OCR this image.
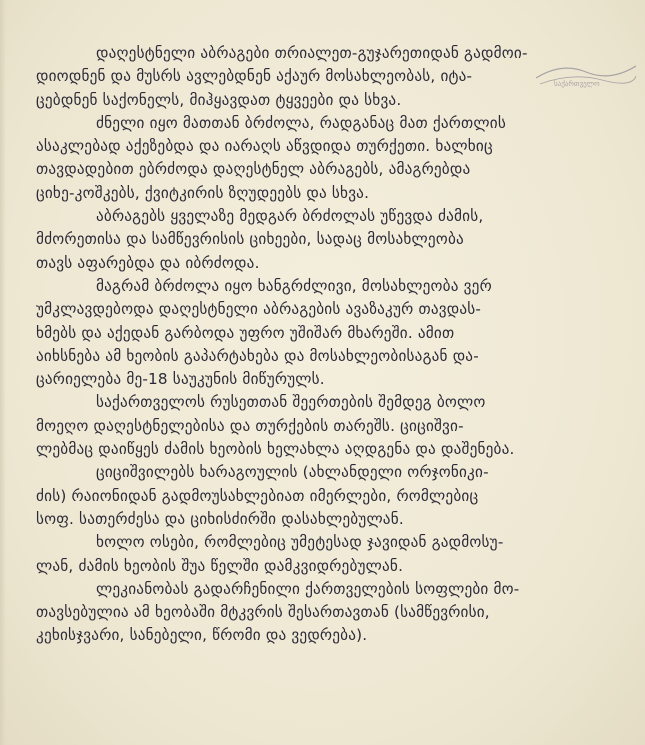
საქართველო
დაღესტნელი აბრაგები თრიალეთ-გუჯარეთიდან გადმოი-
დიოდნენ და მუსრს ავლებდნენ აქაურ მოსახლეობას, იტა-
ცებდნენ საქონელს, მიჰყავდათ ტყვეები და სხვა.
ძნელი იყო მათთან ბრძოლა, რადგანაც მათ ქართლის
ასაკლებად აქეზებდა და იარაღს აწვდიდა თურქეთი. ხალხიც
თავდადებით ებრძოდა დაღესტნელ აბრაგებს, ამაგრებდა
ციხე-კოშკებს, ქვიტკირის ზღუდეებს და სხვა.
აბრაგებს ყველაზე მედგარ ბრძოლას უწევდა ძამის,
მძორეთისა და სამწევრისის ციხეები, სადაც მოსახლეობა
თავს აფარებდა და იბრძოდა.
მაგრამ ბრძოლა იყო ხანგრძლივი, მოსახლეობა ვერ
უმკლავდებოდა დაღესტნელი აბრაგების ავაზაკურ თავდას-
ხმებს და აქედან გარბოდა უფრო უშიშარ მხარეში. ამით
აიხსნება ამ ხეობის გაპარტახება და მოსახლეობისაგან და-
ცარიელება მე-18 საუკუნის მიწურულს.
საქართველოს რუსეთთან შეერთების შემდეგ ბოლო
მოეღო დაღესტნელებისა და თურქების თარეშს. ციციშვი-
ლებმაც დაიწყეს ძამის ხეობის ხელახლა აღდგენა და დაშენება.
ციციშვილებს ხარაგოულის (ახლანდელი ორჯონიკი-
ძის) რაიონიდან გადმოუსახლებიათ იმერლები, რომლებიც
სოფ. სათერძესა და ციხისძირში დასახლებულან.
ხოლო ოსები, რომლებიც უმეტესად ჯავიდან გადმოსუ-
ლან, ძამის ხეობის შუა წელში დამკვიდრებულან.
ლეკიანობას გადარჩენილი ქართველების სოფლები მო-
თავსებულია ამ ხეობაში მტკვრის შესართავთან (სამწევრისი,
კეხისჯვარი, სანებელი, წრომი და ვედრება).
